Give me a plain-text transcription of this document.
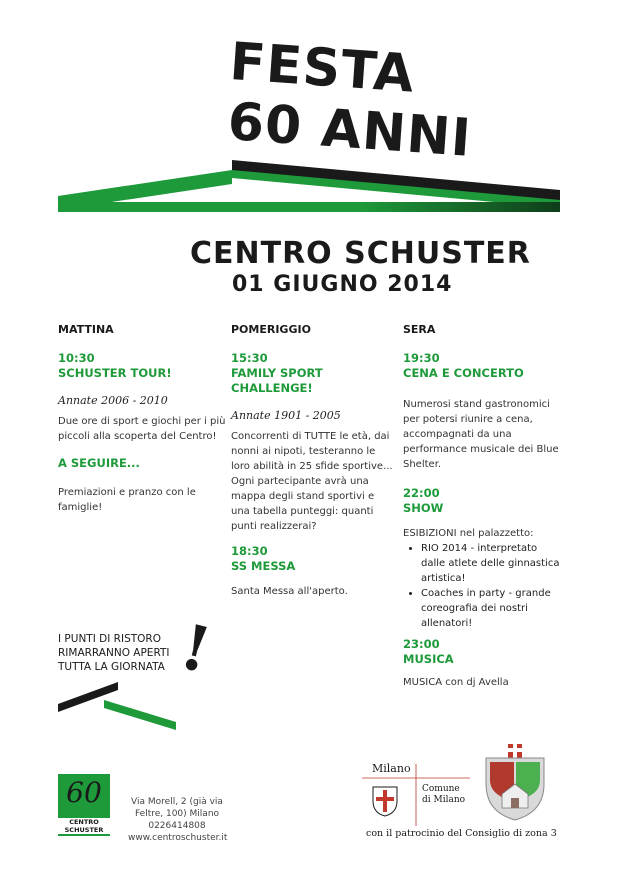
FESTA
60 ANNI
CENTRO SCHUSTER
01 GIUGNO 2014
MATTINA
10:30
SCHUSTER TOUR!
Annate 2006 - 2010
Due ore di sport e giochi per i più piccoli alla scoperta del Centro!
A SEGUIRE...
Premiazioni e pranzo con le famiglie!
POMERIGGIO
15:30
FAMILY SPORT CHALLENGE!
Annate 1901 - 2005
Concorrenti di TUTTE le età, dai nonni ai nipoti, testeranno le loro abilità in 25 sfide sportive...
Ogni partecipante avrà una mappa degli stand sportivi e una tabella punteggi: quanti punti realizzerai?
18:30
SS MESSA
Santa Messa all'aperto.
SERA
19:30
CENA E CONCERTO
Numerosi stand gastronomici per potersi riunire a cena, accompagnati da una performance musicale dei Blue Shelter.
22:00
SHOW
ESIBIZIONI nel palazzetto:
• RIO 2014 - interpretato dalle atlete delle ginnastica artistica!
• Coaches in party - grande coreografia dei nostri allenatori!
23:00
MUSICA
MUSICA con dj Avella
I PUNTI DI RISTORO
RIMARRANNO APERTI
TUTTA LA GIORNATA !
60
CENTRO
SCHUSTER
Via Morell, 2 (già via
Feltre, 100) Milano
0226414808
www.centroschuster.it
Milano
Comune
di Milano
con il patrocinio del Consiglio di zona 3
